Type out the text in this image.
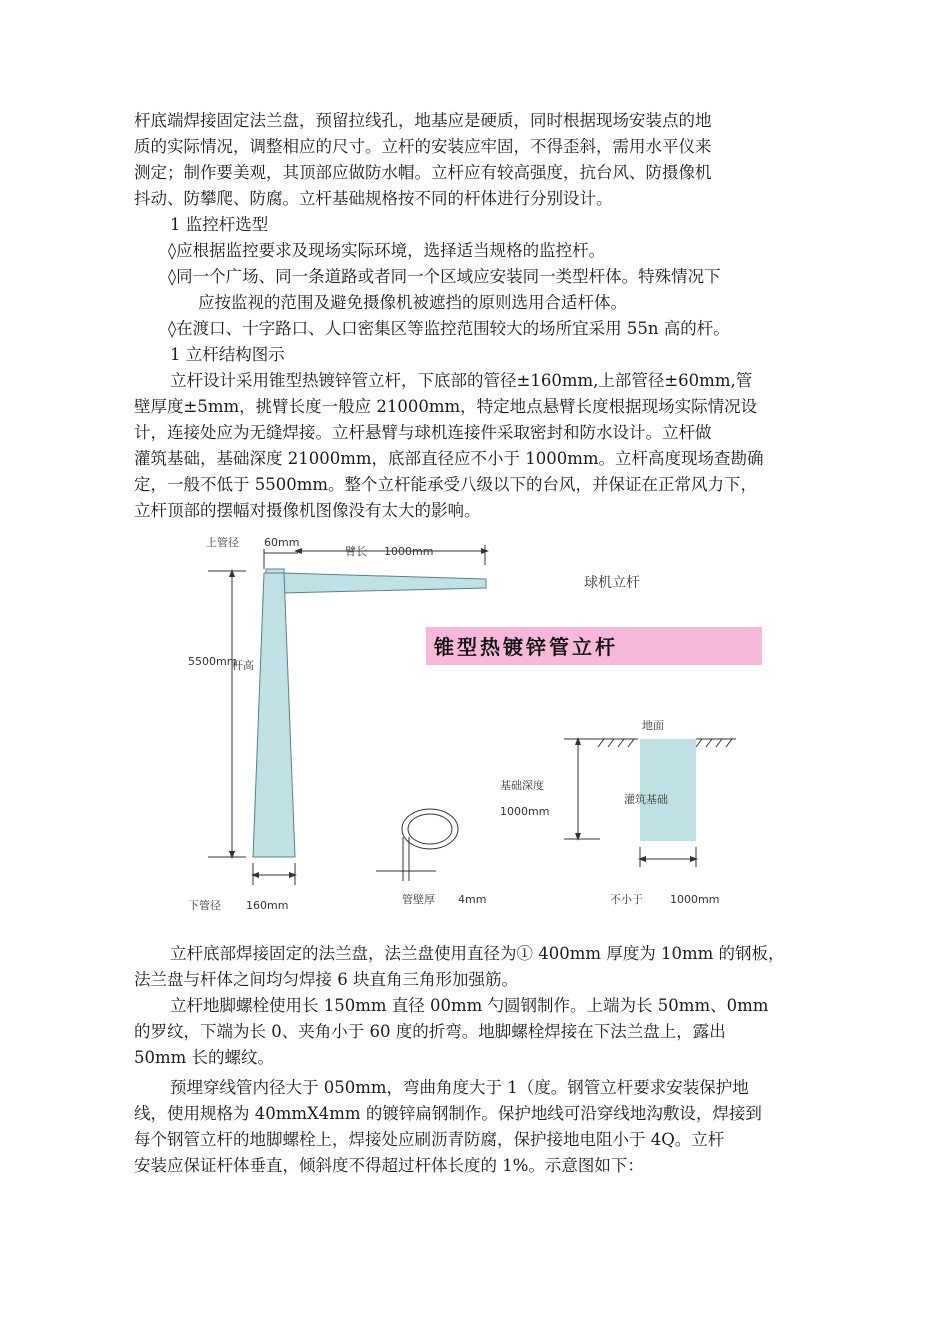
杆底端焊接固定法兰盘，预留拉线孔，地基应是硬质，同时根据现场安装点的地

质的实际情况，调整相应的尺寸。立杆的安装应牢固，不得歪斜，需用水平仪来

测定；制作要美观，其顶部应做防水帽。立杆应有较高强度，抗台风、防摄像机

抖动、防攀爬、防腐。立杆基础规格按不同的杆体进行分别设计。

1 监控杆选型

◊应根据监控要求及现场实际环境，选择适当规格的监控杆。

◊同一个广场、同一条道路或者同一个区域应安装同一类型杆体。特殊情况下

应按监视的范围及避免摄像机被遮挡的原则选用合适杆体。

◊在渡口、十字路口、人口密集区等监控范围较大的场所宜采用 55n 高的杆。

1 立杆结构图示

立杆设计采用锥型热镀锌管立杆，下底部的管径±160mm,上部管径±60mm,管

壁厚度±5mm，挑臂长度一般应 21000mm，特定地点悬臂长度根据现场实际情况设

计，连接处应为无缝焊接。立杆悬臂与球机连接件采取密封和防水设计。立杆做

灌筑基础，基础深度 21000mm，底部直径应不小于 1000mm。立杆高度现场查勘确

定，一般不低于 5500mm。整个立杆能承受八级以下的台风，并保证在正常风力下，

立杆顶部的摆幅对摄像机图像没有太大的影响。

上管径 60mm
臂长 1000mm
球机立杆
5500mm
杆高
锥型热镀锌管立杆
地面
灌筑基础
基础深度
1000mm
不小于 1000mm
管壁厚 4mm
下管径 160mm

立杆底部焊接固定的法兰盘，法兰盘使用直径为① 400mm 厚度为 10mm 的钢板，

法兰盘与杆体之间均匀焊接 6 块直角三角形加强筋。

立杆地脚螺栓使用长 150mm 直径 00mm 勺圆钢制作。上端为长 50mm、0mm

的罗纹，下端为长 0、夹角小于 60 度的折弯。地脚螺栓焊接在下法兰盘上，露出

50mm 长的螺纹。

预埋穿线管内径大于 050mm，弯曲角度大于 1（度。钢管立杆要求安装保护地

线，使用规格为 40mmX4mm 的镀锌扁钢制作。保护地线可沿穿线地沟敷设，焊接到

每个钢管立杆的地脚螺栓上，焊接处应刷沥青防腐，保护接地电阻小于 4Q。立杆

安装应保证杆体垂直，倾斜度不得超过杆体长度的 1%。示意图如下：
